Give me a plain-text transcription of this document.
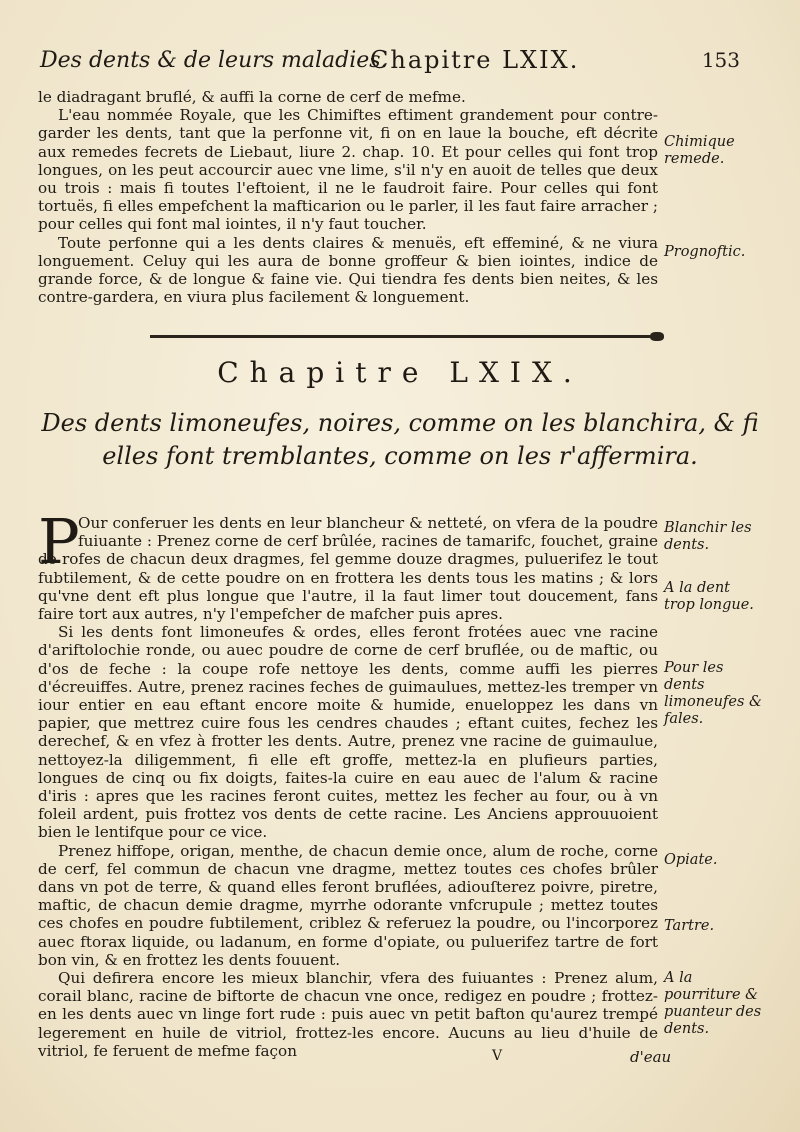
Des dents & de leurs maladies.
Chapitre LXIX.	153

le diadragant bruflé, & auffi la corne de cerf de mefme.

L'eau nommée Royale, que les Chimiftes eftiment grandement pour contre-garder les dents, tant que la perfonne vit, fi on en laue la bouche, eft décrite aux remedes fecrets de Liebaut, liure 2. chap. 10. Et pour celles qui font trop longues, on les peut accourcir auec vne lime, s'il n'y en auoit de telles que deux ou trois : mais fi toutes l'eftoient, il ne le faudroit faire. Pour celles qui font tortuës, fi elles empefchent la mafticarion ou le parler, il les faut faire arracher ; pour celles qui font mal iointes, il n'y faut toucher.

Toute perfonne qui a les dents claires & menuës, eft effeminé, & ne viura longuement. Celuy qui les aura de bonne groffeur & bien iointes, indice de grande force, & de longue & faine vie. Qui tiendra fes dents bien neites, & les contre-gardera, en viura plus facilement & longuement.

Chimique remede.
Prognoftic.
Chapitre LXIX.
Des dents limoneufes, noires, comme on les blanchira, & fi elles font tremblantes, comme on les r'affermira.
P
Our conferuer les dents en leur blancheur & netteté, on vfera de la poudre fuiuante : Prenez corne de cerf brûlée, racines de tamarifc, fouchet, graine de rofes de chacun deux dragmes, fel gemme douze dragmes, puluerifez le tout fubtilement, & de cette poudre on en frottera les dents tous les matins ; & lors qu'vne dent eft plus longue que l'autre, il la faut limer tout doucement, fans faire tort aux autres, n'y l'empefcher de mafcher puis apres.

Si les dents font limoneufes & ordes, elles feront frotées auec vne racine d'ariftolochie ronde, ou auec poudre de corne de cerf bruflée, ou de maftic, ou d'os de feche : la coupe rofe nettoye les dents, comme auffi les pierres d'écreuiffes. Autre, prenez racines feches de guimaulues, mettez-les tremper vn iour entier en eau eftant encore moite & humide, enueloppez les dans vn papier, que mettrez cuire fous les cendres chaudes ; eftant cuites, fechez les derechef, & en vfez à frotter les dents. Autre, prenez vne racine de guimaulue, nettoyez-la diligemment, fi elle eft groffe, mettez-la en plufieurs parties, longues de cinq ou fix doigts, faites-la cuire en eau auec de l'alum & racine d'iris : apres que les racines feront cuites, mettez les fecher au four, ou à vn foleil ardent, puis frottez vos dents de cette racine. Les Anciens approuuoient bien le lentifque pour ce vice.

Prenez hiffope, origan, menthe, de chacun demie once, alum de roche, corne de cerf, fel commun de chacun vne dragme, mettez toutes ces chofes brûler dans vn pot de terre, & quand elles feront bruflées, adiouſterez poivre, piretre, maftic, de chacun demie dragme, myrrhe odorante vnfcrupule ; mettez toutes ces chofes en poudre fubtilement, criblez & referuez la poudre, ou l'incorporez auec ftorax liquide, ou ladanum, en forme d'opiate, ou puluerifez tartre de fort bon vin, & en frottez les dents fouuent.

Qui defirera encore les mieux blanchir, vfera des fuiuantes : Prenez alum, corail blanc, racine de biftorte de chacun vne once, redigez en poudre ; frottez-en les dents auec vn linge fort rude : puis auec vn petit bafton qu'aurez trempé legerement en huile de vitriol, frottez-les encore. Aucuns au lieu d'huile de vitriol, fe feruent de mefme façon

Blanchir les dents.
A la dent trop longue.
Pour les dents limoneufes & fales.
Opiate.
Tartre.
A la pourriture & puanteur des dents.
V	d'eau
